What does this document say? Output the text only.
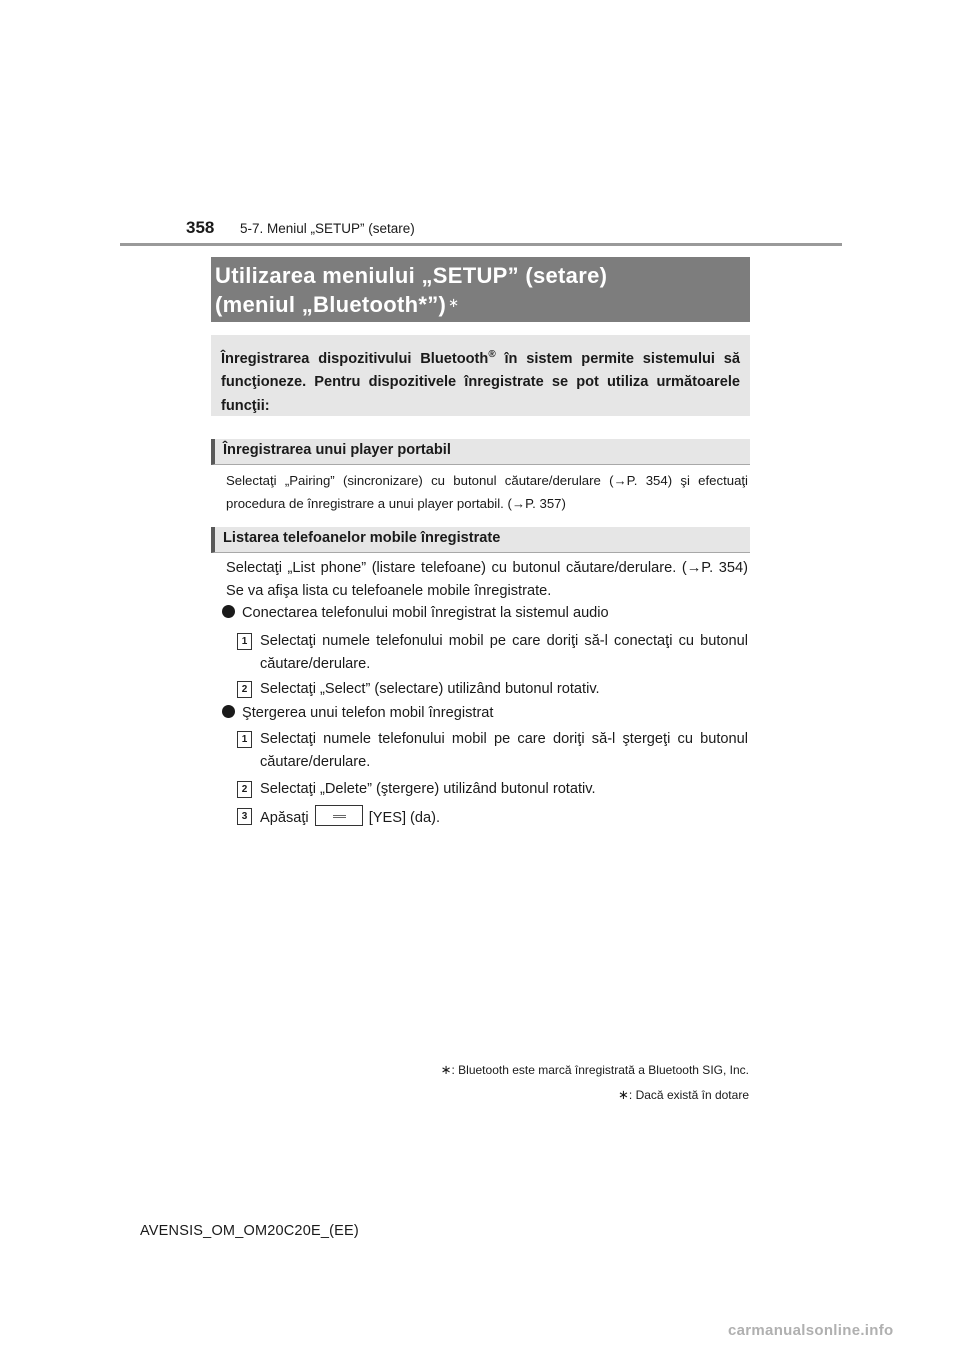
358 5-7. Meniul „SETUP” (setare)
Utilizarea meniului „SETUP” (setare)
(meniul „Bluetooth*”) ∗
Înregistrarea dispozitivului Bluetooth® în sistem permite sistemului să funcţioneze. Pentru dispozitivele înregistrate se pot utiliza următoarele funcţii:
Înregistrarea unui player portabil
Selectaţi „Pairing” (sincronizare) cu butonul căutare/derulare (→P. 354) şi efectuaţi procedura de înregistrare a unui player portabil. (→P. 357)
Listarea telefoanelor mobile înregistrate
Selectaţi „List phone” (listare telefoane) cu butonul căutare/derulare. (→P. 354) Se va afişa lista cu telefoanele mobile înregistrate.
Conectarea telefonului mobil înregistrat la sistemul audio
1 Selectaţi numele telefonului mobil pe care doriţi să-l conectaţi cu butonul căutare/derulare.
2 Selectaţi „Select” (selectare) utilizând butonul rotativ.
Ştergerea unui telefon mobil înregistrat
1 Selectaţi numele telefonului mobil pe care doriţi să-l ştergeţi cu butonul căutare/derulare.
2 Selectaţi „Delete” (ştergere) utilizând butonul rotativ.
3 Apăsaţi	[YES] (da).
∗: Bluetooth este marcă înregistrată a Bluetooth SIG, Inc.
∗: Dacă există în dotare
AVENSIS_OM_OM20C20E_(EE)
carmanualsonline.info
